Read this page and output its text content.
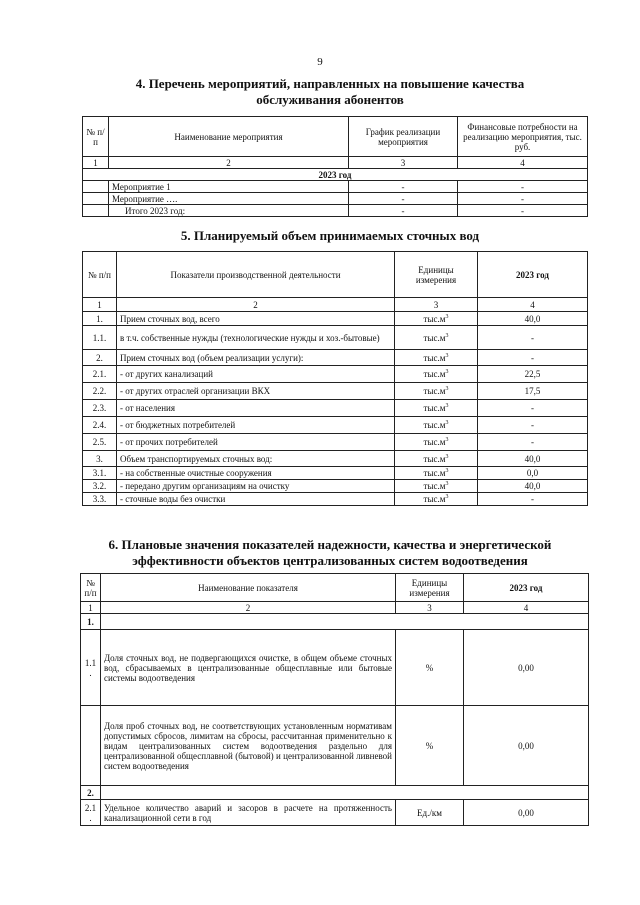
9
4. Перечень мероприятий, направленных на повышение качества
обслуживания абонентов
№ п/п	Наименование мероприятия	График реализации мероприятия	Финансовые потребности на реализацию мероприятия, тыс. руб.
1	2	3	4
2023 год			
	Мероприятие 1	-	-
	Мероприятие ….	-	-
	Итого 2023 год:	-	-
5. Планируемый объем принимаемых сточных вод
№ п/п	Показатели производственной деятельности	Единицы измерения	2023 год
1	2	3	4
1.	Прием сточных вод, всего	$тыс.м^3$	40,0
1.1.	в т.ч. собственные нужды (технологические нужды и хоз.-бытовые)	$тыс.м^3$	-
2.	Прием сточных вод (объем реализации услуги):	$тыс.м^3$	-
2.1.	- от других канализаций	$тыс.м^3$	22,5
2.2.	- от других отраслей организации ВКХ	$тыс.м^3$	17,5
2.3.	- от населения	$тыс.м^3$	-
2.4.	- от бюджетных потребителей	$тыс.м^3$	-
2.5.	- от прочих потребителей	$тыс.м^3$	-
3.	Объем транспортируемых сточных вод:	$тыс.м^3$	40,0
3.1.	- на собственные очистные сооружения	$тыс.м^3$	0,0
3.2.	- передано другим организациям на очистку	$тыс.м^3$	40,0
3.3.	- сточные воды без очистки	$тыс.м^3$	-
6. Плановые значения показателей надежности, качества и энергетической
эффективности объектов централизованных систем водоотведения
№ п/п	Наименование показателя	Единицы измерения	2023 год
1	2	3	4
1.			
1.1 .	Доля сточных вод, не подвергающихся очистке, в общем объеме сточных вод, сбрасываемых в централизованные общесплавные или бытовые системы водоотведения	%	0,00
	Доля проб сточных вод, не соответствующих установленным нормативам допустимых сбросов, лимитам на сбросы, рассчитанная применительно к видам централизованных систем водоотведения раздельно для централизованной общесплавной (бытовой) и централизованной ливневой систем водоотведения	%	0,00
2.			
2.1 .	Удельное количество аварий и засоров в расчете на протяженность канализационной сети в год	Ед./км	0,00
